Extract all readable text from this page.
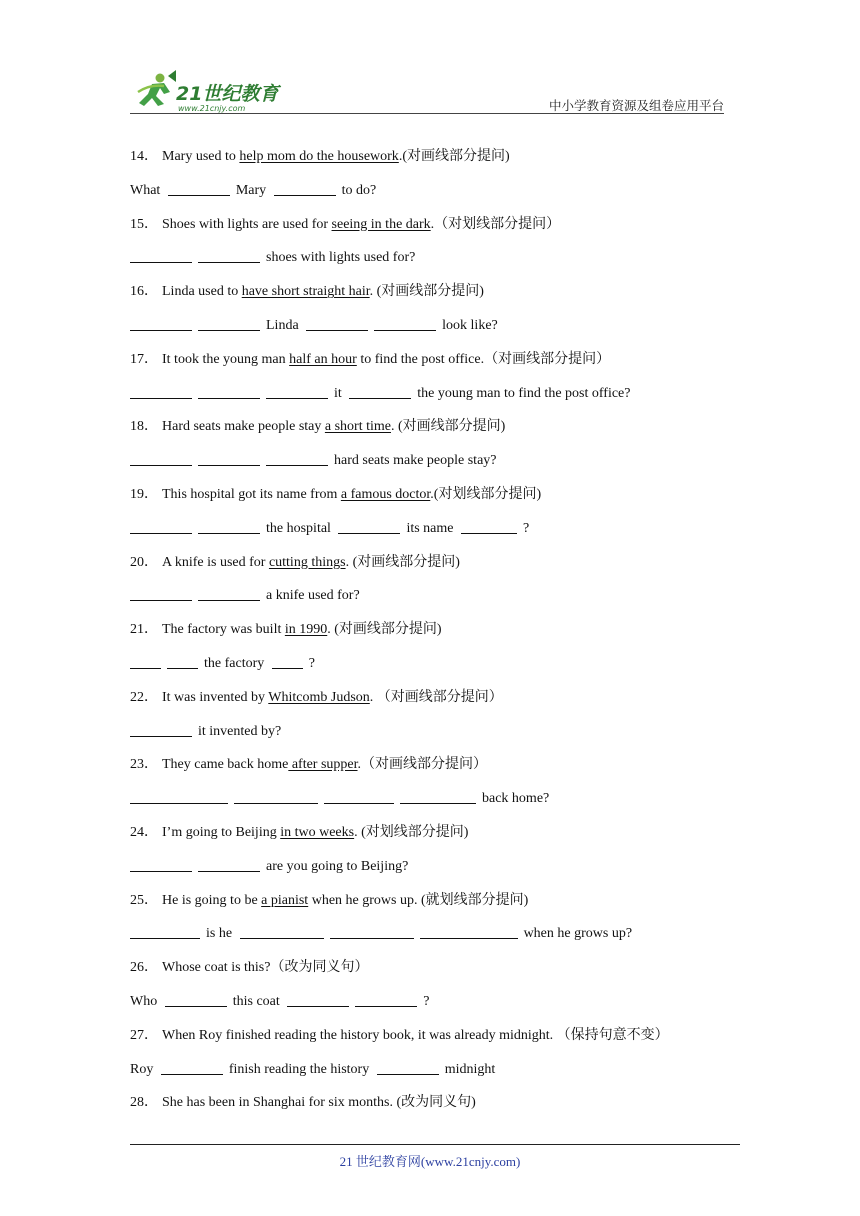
21世纪教育
www.21cnjy.com	中小学教育资源及组卷应用平台
14． Mary used to help mom do the housework.(对画线部分提问)
What	Mary	to do?
15． Shoes with lights are used for seeing in the dark.（对划线部分提问）
shoes with lights used for?
16． Linda used to have short straight hair. (对画线部分提问)
Linda	look like?
17． It took the young man half an hour to find the post office.（对画线部分提问）
it	the young man to find the post office?
18． Hard seats make people stay a short time. (对画线部分提问)
hard seats make people stay?
19． This hospital got its name from a famous doctor.(对划线部分提问)
the hospital	its name	?
20． A knife is used for cutting things. (对画线部分提问)
a knife used for?
21． The factory was built in 1990. (对画线部分提问)
the factory	?
22． It was invented by Whitcomb Judson. （对画线部分提问）
it invented by?
23． They came back home after supper.（对画线部分提问）
back home?
24． I’m going to Beijing in two weeks. (对划线部分提问)
are you going to Beijing?
25． He is going to be a pianist when he grows up. (就划线部分提问)
is he	when he grows up?
26． Whose coat is this?（改为同义句）
Who	this coat	?
27． When Roy finished reading the history book, it was already midnight. （保持句意不变）
Roy	finish reading the history	midnight
28． She has been in Shanghai for six months. (改为同义句)
21 世纪教育网(www.21cnjy.com)
